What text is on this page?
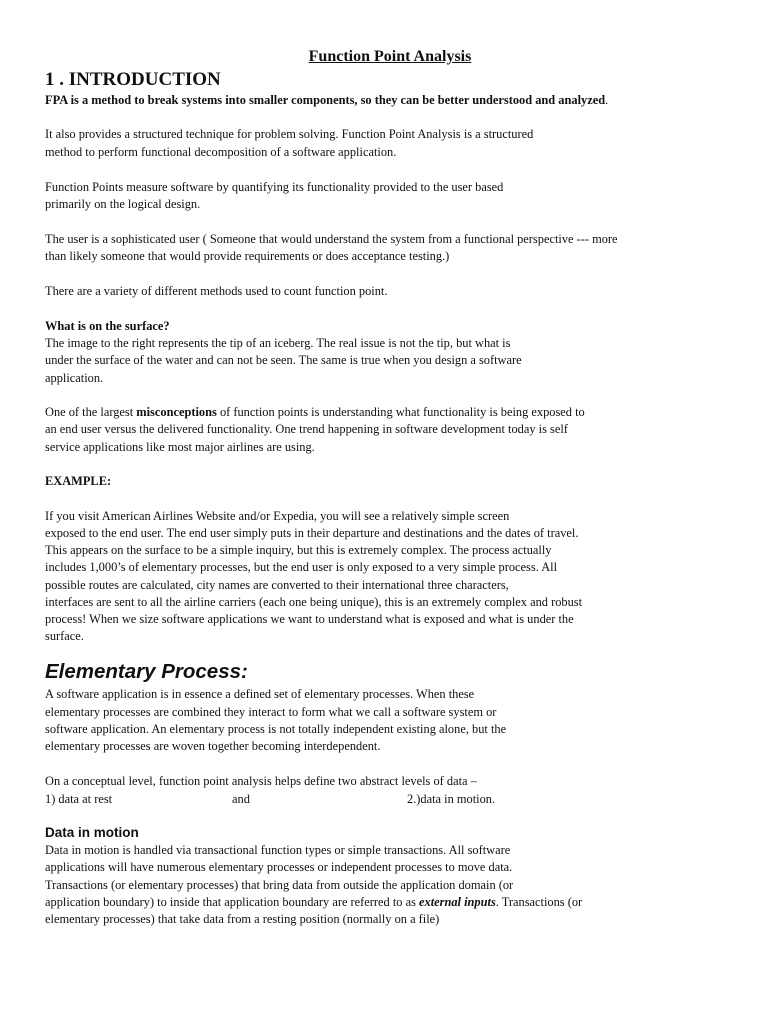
Function Point Analysis
1 . INTRODUCTION
FPA is a method to break systems into smaller components, so they can be better understood and analyzed.
It also provides a structured technique for problem solving. Function Point Analysis is a structured
method to perform functional decomposition of a software application.
Function Points measure software by quantifying its functionality provided to the user based
primarily on the logical design.
The user is a sophisticated user ( Someone that would understand the system from a functional perspective --- more
than likely someone that would provide requirements or does acceptance testing.)
There are a variety of different methods used to count function point.
What is on the surface?
The image to the right represents the tip of an iceberg. The real issue is not the tip, but what is
under the surface of the water and can not be seen. The same is true when you design a software
application.
One of the largest misconceptions of function points is understanding what functionality is being exposed to
an end user versus the delivered functionality. One trend happening in software development today is self
service applications like most major airlines are using.
EXAMPLE:
If you visit American Airlines Website and/or Expedia, you will see a relatively simple screen
exposed to the end user. The end user simply puts in their departure and destinations and the dates of travel.
This appears on the surface to be a simple inquiry, but this is extremely complex. The process actually
includes 1,000’s of elementary processes, but the end user is only exposed to a very simple process. All
possible routes are calculated, city names are converted to their international three characters,
interfaces are sent to all the airline carriers (each one being unique), this is an extremely complex and robust
process! When we size software applications we want to understand what is exposed and what is under the
surface.
Elementary Process:
A software application is in essence a defined set of elementary processes. When these
elementary processes are combined they interact to form what we call a software system or
software application. An elementary process is not totally independent existing alone, but the
elementary processes are woven together becoming interdependent.
On a conceptual level, function point analysis helps define two abstract levels of data –
1) data at rest	and	2.)data in motion.
Data in motion
Data in motion is handled via transactional function types or simple transactions. All software
applications will have numerous elementary processes or independent processes to move data.
Transactions (or elementary processes) that bring data from outside the application domain (or
application boundary) to inside that application boundary are referred to as external inputs. Transactions (or
elementary processes) that take data from a resting position (normally on a file)
